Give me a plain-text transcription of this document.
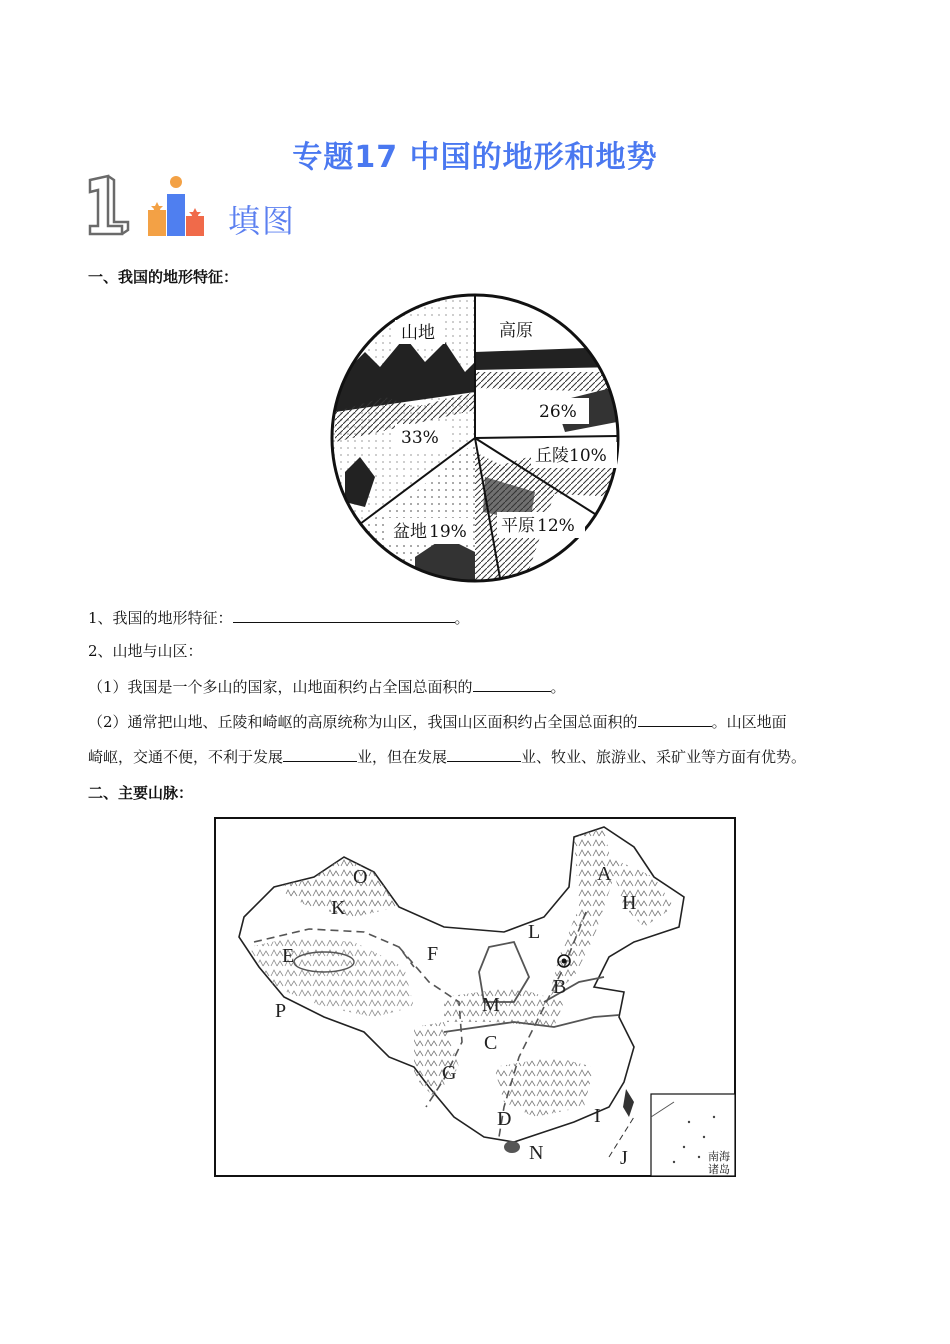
专题17 中国的地形和地势
填图
一、我国的地形特征：
山地	高原
26%
33%
丘陵 10%
平原 12%
盆地 19%
1、我国的地形特征：	。
2、山地与山区：
（1）我国是一个多山的国家，山地面积约占全国总面积的	。
（2）通常把山地、丘陵和崎岖的高原统称为山区，我国山区面积约占全国总面积的	。山区地面
崎岖，交通不便，不利于发展	业，但在发展	业、牧业、旅游业、采矿业等方面有优势。
二、主要山脉：
南海
诸岛
O
K
E	F
A
H
L
B
M
P
C
G
D	I
J
N
